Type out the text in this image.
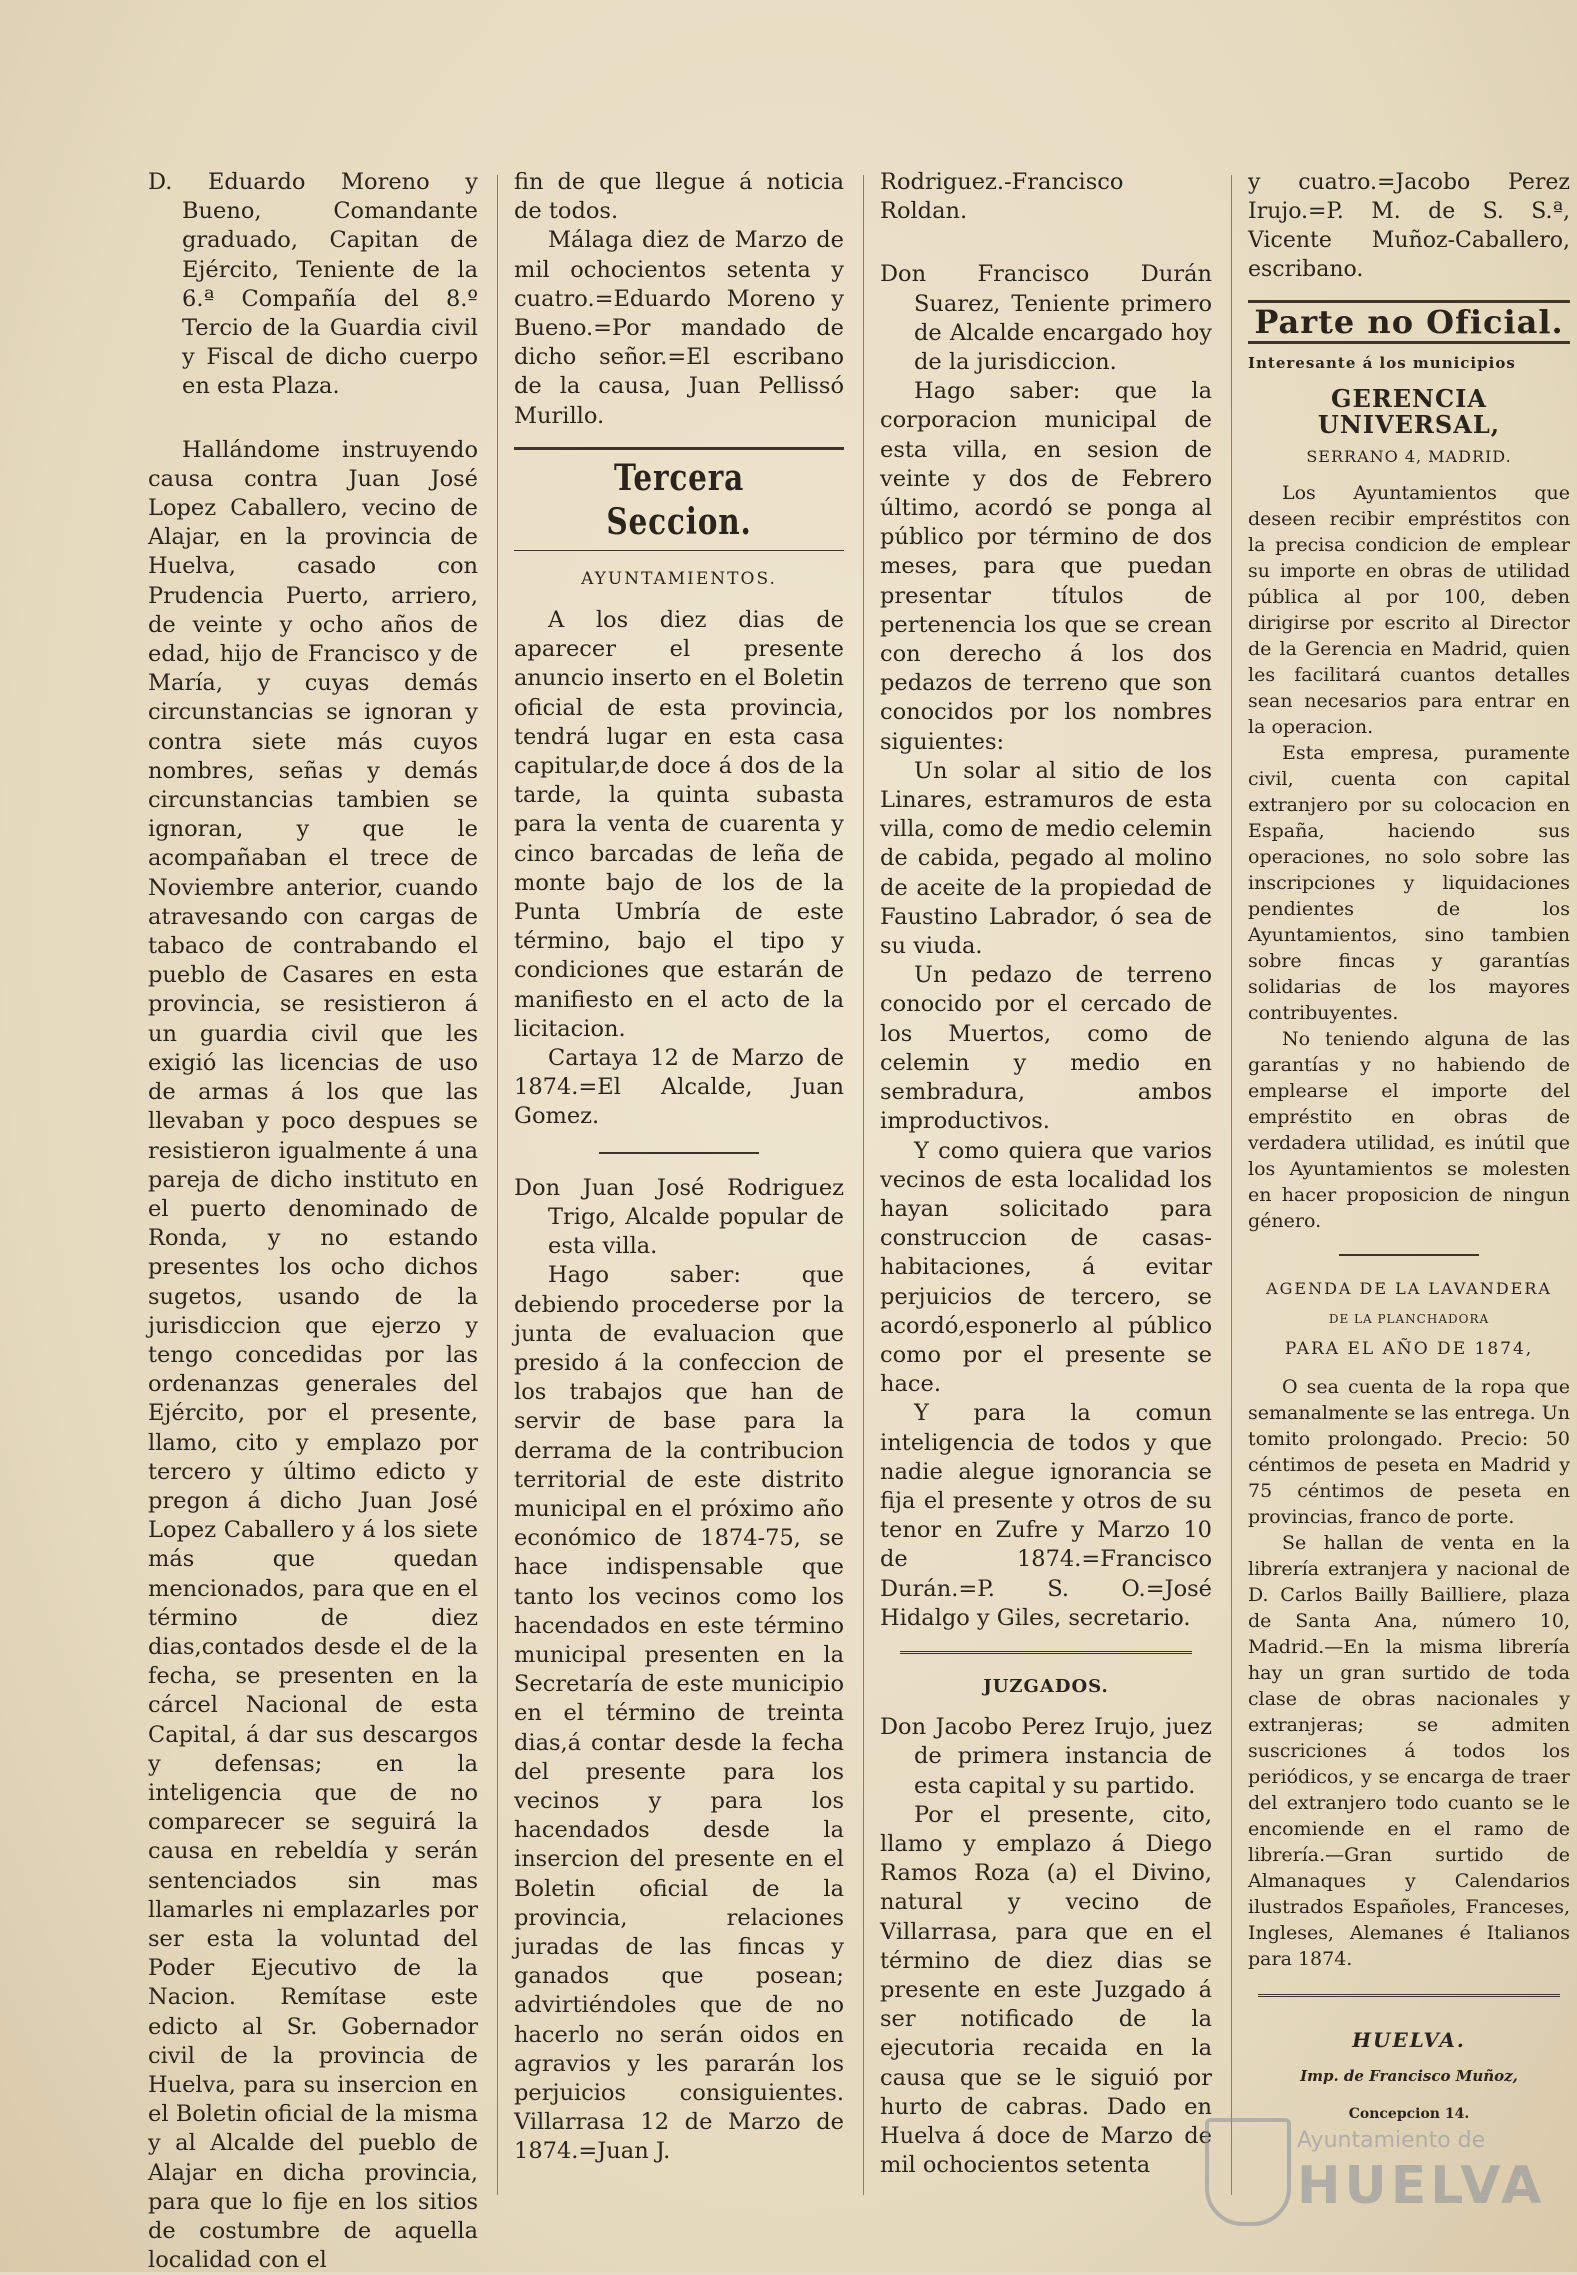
D. Eduardo Moreno y Bueno, Comandante graduado, Capitan de Ejército, Teniente de la 6.ª Compañía del 8.º Tercio de la Guardia civil y Fiscal de dicho cuerpo en esta Plaza.

Hallándome instruyendo causa contra Juan José Lopez Caballero, vecino de Alajar, en la provincia de Huelva, casado con Prudencia Puerto, arriero, de veinte y ocho años de edad, hijo de Francisco y de María, y cuyas demás circunstancias se ignoran y contra siete más cuyos nombres, señas y demás circunstancias tambien se ignoran, y que le acompañaban el trece de Noviembre anterior, cuando atravesando con cargas de tabaco de contrabando el pueblo de Casares en esta provincia, se resistieron á un guardia civil que les exigió las licencias de uso de armas á los que las llevaban y poco despues se resistieron igualmente á una pareja de dicho instituto en el puerto denominado de Ronda, y no estando presentes los ocho dichos sugetos, usando de la jurisdiccion que ejerzo y tengo concedidas por las ordenanzas generales del Ejército, por el presente, llamo, cito y emplazo por tercero y último edicto y pregon á dicho Juan José Lopez Caballero y á los siete más que quedan mencionados, para que en el término de diez dias,contados desde el de la fecha, se presenten en la cárcel Nacional de esta Capital, á dar sus descargos y defensas; en la inteligencia que de no comparecer se seguirá la causa en rebeldía y serán sentenciados sin mas llamarles ni emplazarles por ser esta la voluntad del Poder Ejecutivo de la Nacion. Remítase este edicto al Sr. Gobernador civil de la provincia de Huelva, para su insercion en el Boletin oficial de la misma y al Alcalde del pueblo de Alajar en dicha provincia, para que lo fije en los sitios de costumbre de aquella localidad con el

fin de que llegue á noticia de todos.

Málaga diez de Marzo de mil ochocientos setenta y cuatro.=Eduardo Moreno y Bueno.=Por mandado de dicho señor.=El escribano de la causa, Juan Pellissó Murillo.

Tercera Seccion.
AYUNTAMIENTOS.

A los diez dias de aparecer el presente anuncio inserto en el Boletin oficial de esta provincia, tendrá lugar en esta casa capitular,de doce á dos de la tarde, la quinta subasta para la venta de cuarenta y cinco barcadas de leña de monte bajo de los de la Punta Umbría de este término, bajo el tipo y condiciones que estarán de manifiesto en el acto de la licitacion.

Cartaya 12 de Marzo de 1874.=El Alcalde, Juan Gomez.

Don Juan José Rodriguez Trigo, Alcalde popular de esta villa.

Hago saber: que debiendo procederse por la junta de evaluacion que presido á la confeccion de los trabajos que han de servir de base para la derrama de la contribucion territorial de este distrito municipal en el próximo año económico de 1874-75, se hace indispensable que tanto los vecinos como los hacendados en este término municipal presenten en la Secretaría de este municipio en el término de treinta dias,á contar desde la fecha del presente para los vecinos y para los hacendados desde la insercion del presente en el Boletin oficial de la provincia, relaciones juradas de las fincas y ganados que posean; advirtiéndoles que de no hacerlo no serán oidos en agravios y les pararán los perjuicios consiguientes. Villarrasa 12 de Marzo de 1874.=Juan J.

Rodriguez.-Francisco Roldan.

Don Francisco Durán Suarez, Teniente primero de Alcalde encargado hoy de la jurisdiccion.

Hago saber: que la corporacion municipal de esta villa, en sesion de veinte y dos de Febrero último, acordó se ponga al público por término de dos meses, para que puedan presentar títulos de pertenencia los que se crean con derecho á los dos pedazos de terreno que son conocidos por los nombres siguientes:

Un solar al sitio de los Linares, estramuros de esta villa, como de medio celemin de cabida, pegado al molino de aceite de la propiedad de Faustino Labrador, ó sea de su viuda.

Un pedazo de terreno conocido por el cercado de los Muertos, como de celemin y medio en sembradura, ambos improductivos.

Y como quiera que varios vecinos de esta localidad los hayan solicitado para construccion de casas-habitaciones, á evitar perjuicios de tercero, se acordó,esponerlo al público como por el presente se hace.

Y para la comun inteligencia de todos y que nadie alegue ignorancia se fija el presente y otros de su tenor en Zufre y Marzo 10 de 1874.=Francisco Durán.=P. S. O.=José Hidalgo y Giles, secretario.

JUZGADOS.

Don Jacobo Perez Irujo, juez de primera instancia de esta capital y su partido.

Por el presente, cito, llamo y emplazo á Diego Ramos Roza (a) el Divino, natural y vecino de Villarrasa, para que en el término de diez dias se presente en este Juzgado á ser notificado de la ejecutoria recaida en la causa que se le siguió por hurto de cabras. Dado en Huelva á doce de Marzo de mil ochocientos setenta

y cuatro.=Jacobo Perez Irujo.=P. M. de S. S.ª, Vicente Muñoz-Caballero, escribano.

Parte no Oficial.
Interesante á los municipios
GERENCIA UNIVERSAL,
SERRANO 4, MADRID.

Los Ayuntamientos que deseen recibir empréstitos con la precisa condicion de emplear su importe en obras de utilidad pública al por 100, deben dirigirse por escrito al Director de la Gerencia en Madrid, quien les facilitará cuantos detalles sean necesarios para entrar en la operacion.

Esta empresa, puramente civil, cuenta con capital extranjero por su colocacion en España, haciendo sus operaciones, no solo sobre las inscripciones y liquidaciones pendientes de los Ayuntamientos, sino tambien sobre fincas y garantías solidarias de los mayores contribuyentes.

No teniendo alguna de las garantías y no habiendo de emplearse el importe del empréstito en obras de verdadera utilidad, es inútil que los Ayuntamientos se molesten en hacer proposicion de ningun género.

AGENDA DE LA LAVANDERA
DE LA PLANCHADORA
PARA EL AÑO DE 1874,

O sea cuenta de la ropa que semanalmente se las entrega. Un tomito prolongado. Precio: 50 céntimos de peseta en Madrid y 75 céntimos de peseta en provincias, franco de porte.

Se hallan de venta en la librería extranjera y nacional de D. Carlos Bailly Bailliere, plaza de Santa Ana, número 10, Madrid.—En la misma librería hay un gran surtido de toda clase de obras nacionales y extranjeras; se admiten suscriciones á todos los periódicos, y se encarga de traer del extranjero todo cuanto se le encomiende en el ramo de librería.—Gran surtido de Almanaques y Calendarios ilustrados Españoles, Franceses, Ingleses, Alemanes é Italianos para 1874.

HUELVA.
Imp. de Francisco Muñoz,
Concepcion 14.
Ayuntamiento de
HUELVA
